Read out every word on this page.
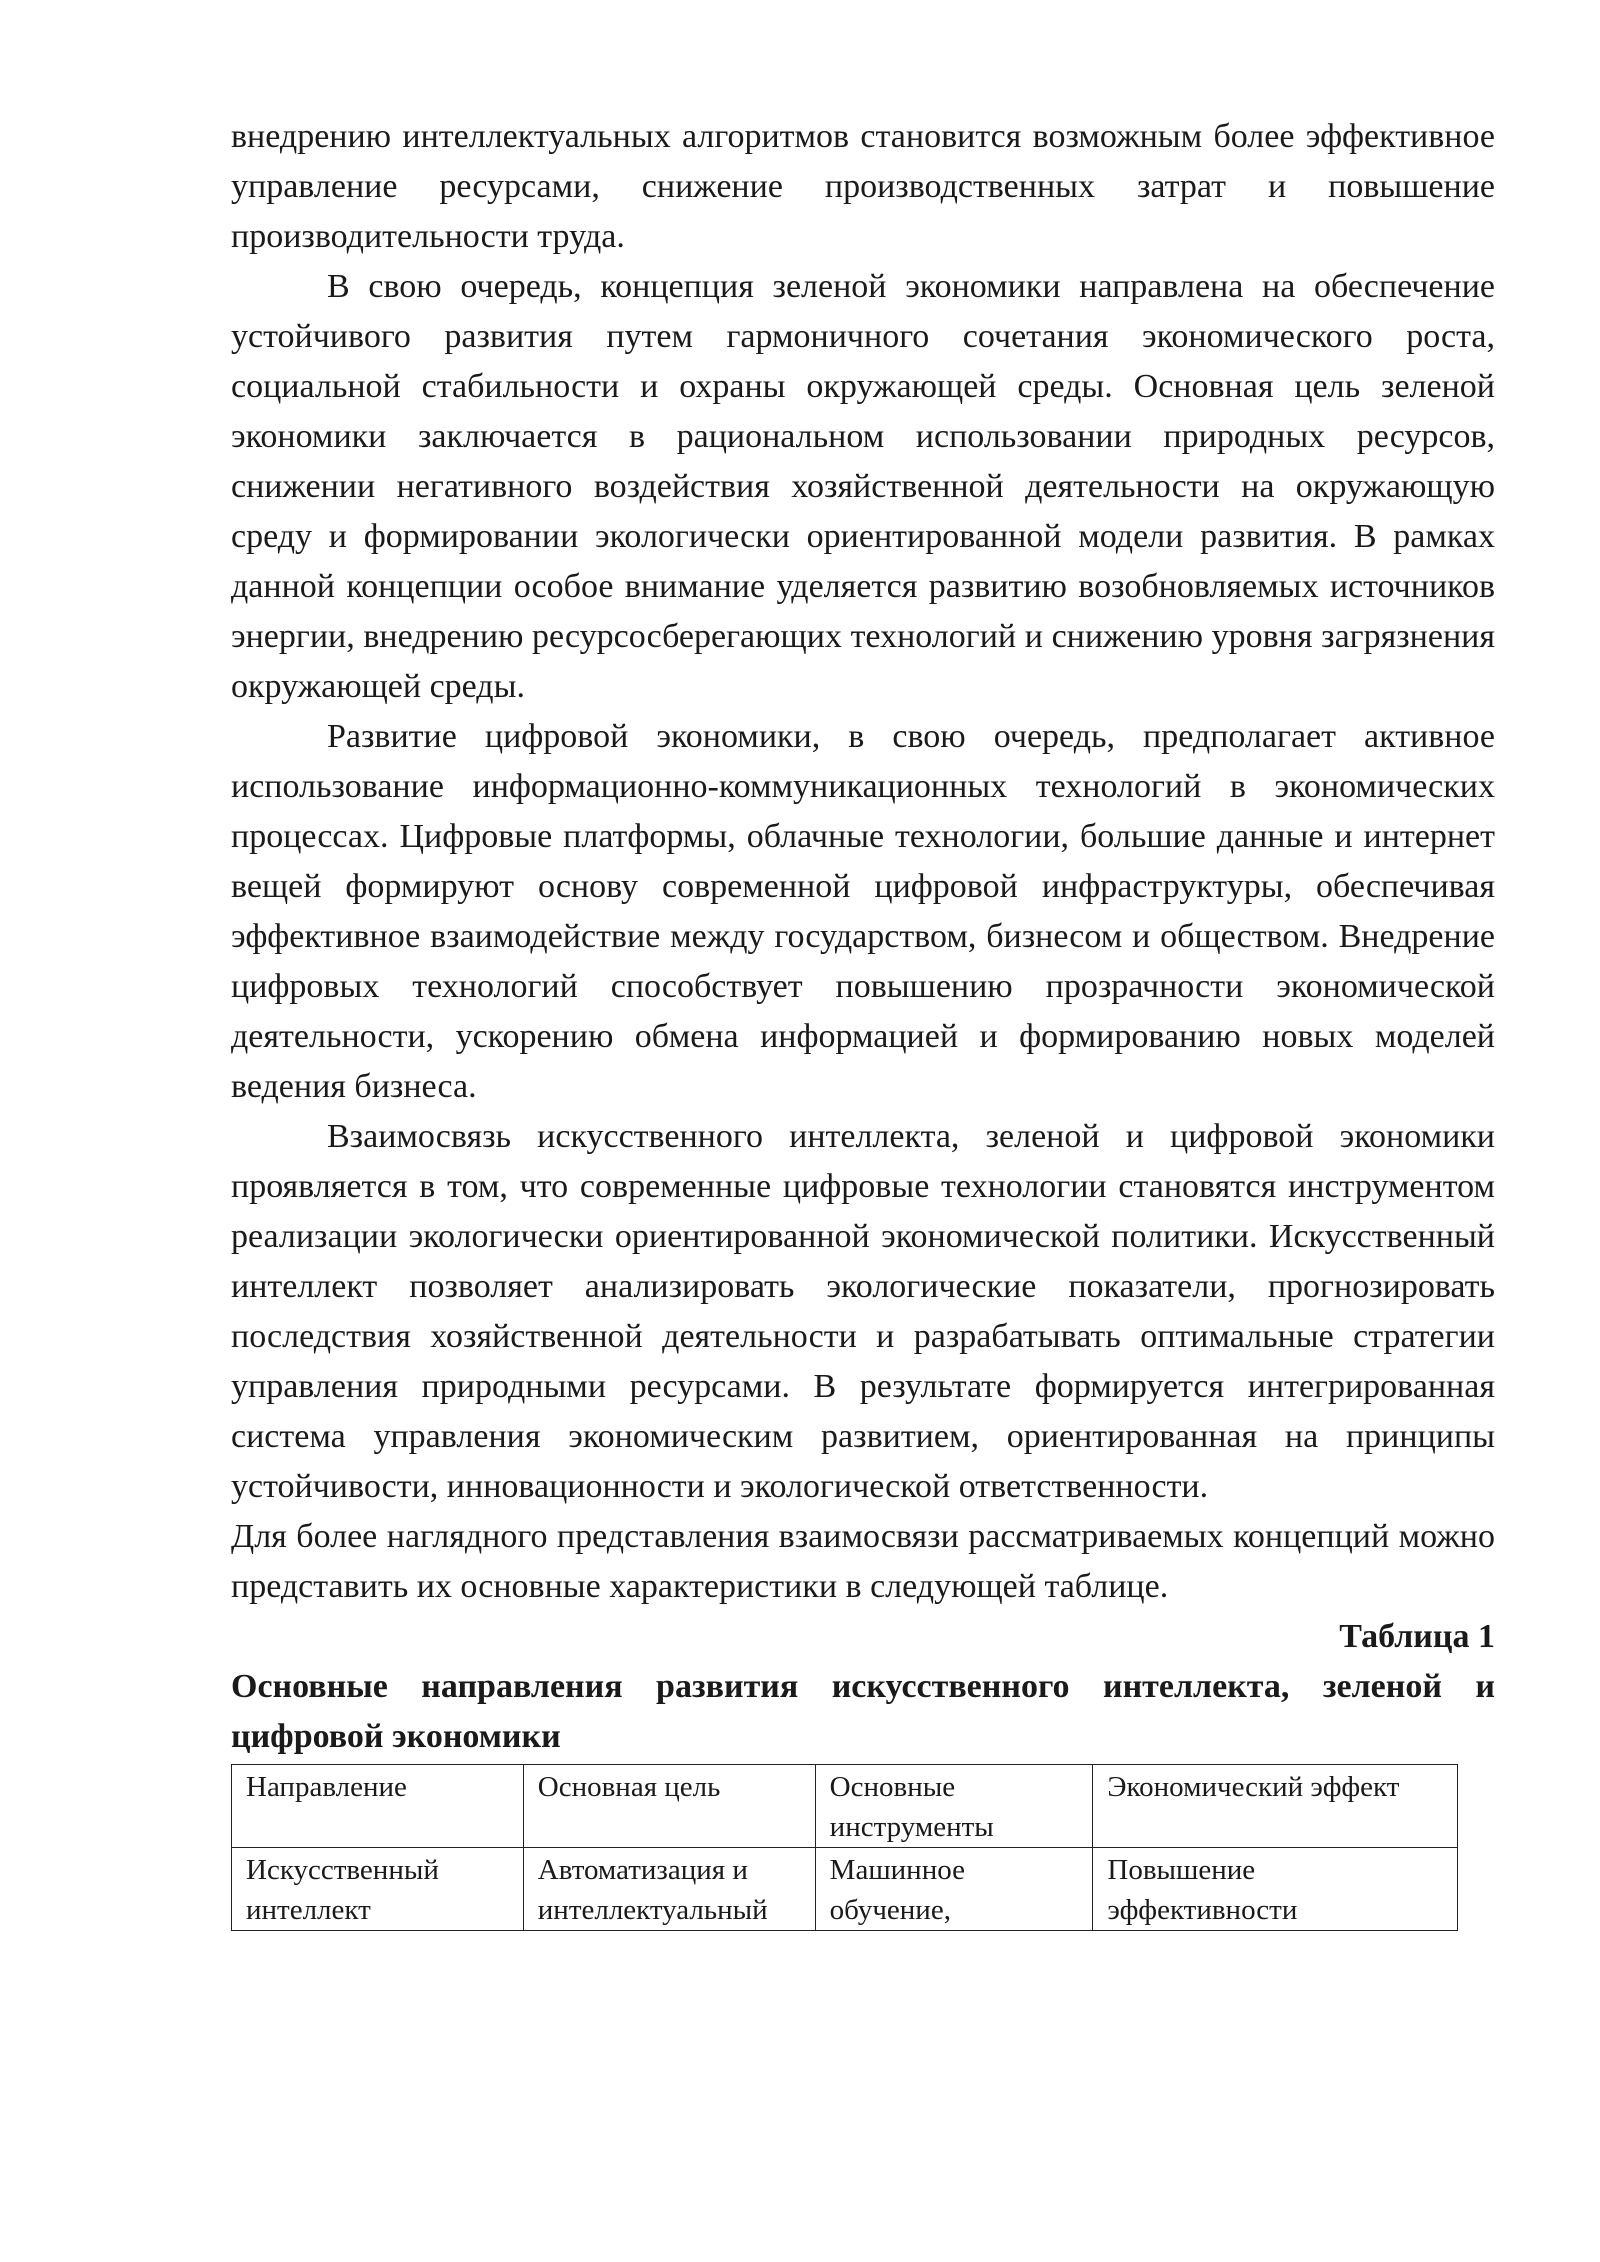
внедрению интеллектуальных алгоритмов становится возможным более эффективное управление ресурсами, снижение производственных затрат и повышение производительности труда.

В свою очередь, концепция зеленой экономики направлена на обеспечение устойчивого развития путем гармоничного сочетания экономического роста, социальной стабильности и охраны окружающей среды. Основная цель зеленой экономики заключается в рациональном использовании природных ресурсов, снижении негативного воздействия хозяйственной деятельности на окружающую среду и формировании экологически ориентированной модели развития. В рамках данной концепции особое внимание уделяется развитию возобновляемых источников энергии, внедрению ресурсосберегающих технологий и снижению уровня загрязнения окружающей среды.

Развитие цифровой экономики, в свою очередь, предполагает активное использование информационно-коммуникационных технологий в экономических процессах. Цифровые платформы, облачные технологии, большие данные и интернет вещей формируют основу современной цифровой инфраструктуры, обеспечивая эффективное взаимодействие между государством, бизнесом и обществом. Внедрение цифровых технологий способствует повышению прозрачности экономической деятельности, ускорению обмена информацией и формированию новых моделей ведения бизнеса.

Взаимосвязь искусственного интеллекта, зеленой и цифровой экономики проявляется в том, что современные цифровые технологии становятся инструментом реализации экологически ориентированной экономической политики. Искусственный интеллект позволяет анализировать экологические показатели, прогнозировать последствия хозяйственной деятельности и разрабатывать оптимальные стратегии управления природными ресурсами. В результате формируется интегрированная система управления экономическим развитием, ориентированная на принципы устойчивости, инновационности и экологической ответственности.

Для более наглядного представления взаимосвязи рассматриваемых концепций можно представить их основные характеристики в следующей таблице.

Таблица 1

Основные направления развития искусственного интеллекта, зеленой и цифровой экономики

Направление	Основная цель	Основные инструменты	Экономический эффект
Искусственный интеллект	Автоматизация и интеллектуальный	Машинное обучение,	Повышение эффективности
